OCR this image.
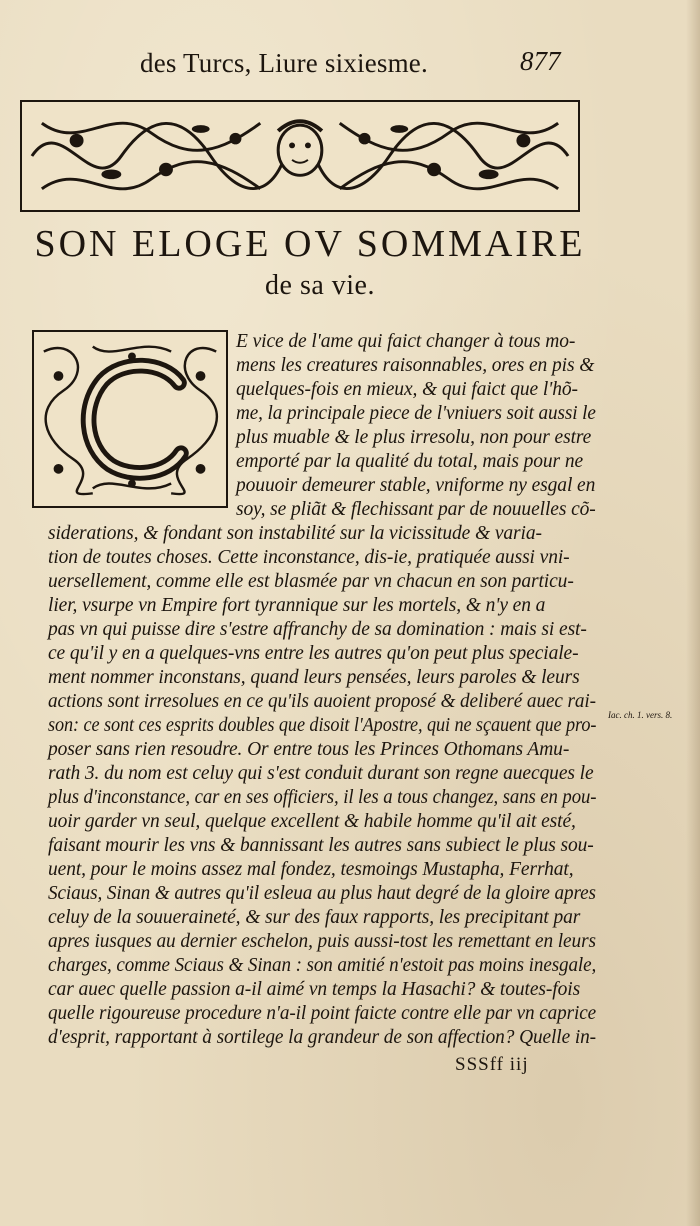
des Turcs, Liure sixiesme.	877
SON ELOGE OV SOMMAIRE
de sa vie.
E vice de l'ame qui faict changer à tous mo-
mens les creatures raisonnables, ores en pis &
quelques-fois en mieux, & qui faict que l'hõ-
me, la principale piece de l'vniuers soit aussi le
plus muable & le plus irresolu, non pour estre
emporté par la qualité du total, mais pour ne
pouuoir demeurer stable, vniforme ny esgal en
soy, se pliãt & flechissant par de nouuelles cõ-
siderations, & fondant son instabilité sur la vicissitude & varia-
tion de toutes choses. Cette inconstance, dis-ie, pratiquée aussi vni-
uersellement, comme elle est blasmée par vn chacun en son particu-
lier, vsurpe vn Empire fort tyrannique sur les mortels, & n'y en a
pas vn qui puisse dire s'estre affranchy de sa domination : mais si est-
ce qu'il y en a quelques-vns entre les autres qu'on peut plus speciale-
ment nommer inconstans, quand leurs pensées, leurs paroles & leurs
actions sont irresolues en ce qu'ils auoient proposé & deliberé auec rai-
son: ce sont ces esprits doubles que disoit l'Apostre, qui ne sçauent que pro-
poser sans rien resoudre. Or entre tous les Princes Othomans Amu-
rath 3. du nom est celuy qui s'est conduit durant son regne auecques le
plus d'inconstance, car en ses officiers, il les a tous changez, sans en pou-
uoir garder vn seul, quelque excellent & habile homme qu'il ait esté,
faisant mourir les vns & bannissant les autres sans subiect le plus sou-
uent, pour le moins assez mal fondez, tesmoings Mustapha, Ferrhat,
Sciaus, Sinan & autres qu'il esleua au plus haut degré de la gloire apres
celuy de la souueraineté, & sur des faux rapports, les precipitant par
apres iusques au dernier eschelon, puis aussi-tost les remettant en leurs
charges, comme Sciaus & Sinan : son amitié n'estoit pas moins inesgale,
car auec quelle passion a-il aimé vn temps la Hasachi? & toutes-fois
quelle rigoureuse procedure n'a-il point faicte contre elle par vn caprice
d'esprit, rapportant à sortilege la grandeur de son affection? Quelle in-
Iac. ch. 1. vers. 8.
SSSff iij
